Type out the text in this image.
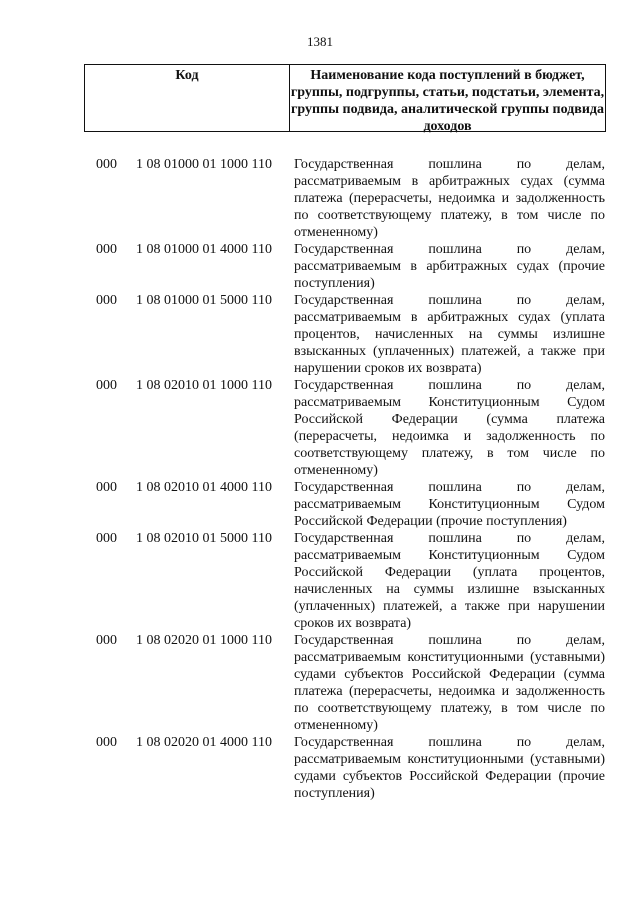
1381
Код	Наименование кода поступлений в бюджет, группы, подгруппы, статьи, подстатьи, элемента, группы подвида, аналитической группы подвида доходов
000	1 08 01000 01 1000 110 Государственная пошлина по делам, рассматриваемым в арбитражных судах (сумма платежа (перерасчеты, недоимка и задолженность по соответствующему платежу, в том числе по отмененному)
000	1 08 01000 01 4000 110 Государственная пошлина по делам, рассматриваемым в арбитражных судах (прочие поступления)
000	1 08 01000 01 5000 110 Государственная пошлина по делам, рассматриваемым в арбитражных судах (уплата процентов, начисленных на суммы излишне взысканных (уплаченных) платежей, а также при нарушении сроков их возврата)
000	1 08 02010 01 1000 110 Государственная пошлина по делам, рассматриваемым Конституционным Судом Российской Федерации (сумма платежа (перерасчеты, недоимка и задолженность по соответствующему платежу, в том числе по отмененному)
000	1 08 02010 01 4000 110 Государственная пошлина по делам, рассматриваемым Конституционным Судом Российской Федерации (прочие поступления)
000	1 08 02010 01 5000 110 Государственная пошлина по делам, рассматриваемым Конституционным Судом Российской Федерации (уплата процентов, начисленных на суммы излишне взысканных (уплаченных) платежей, а также при нарушении сроков их возврата)
000	1 08 02020 01 1000 110 Государственная пошлина по делам, рассматриваемым конституционными (уставными) судами субъектов Российской Федерации (сумма платежа (перерасчеты, недоимка и задолженность по соответствующему платежу, в том числе по отмененному)
000	1 08 02020 01 4000 110 Государственная пошлина по делам, рассматриваемым конституционными (уставными) судами субъектов Российской Федерации (прочие поступления)
